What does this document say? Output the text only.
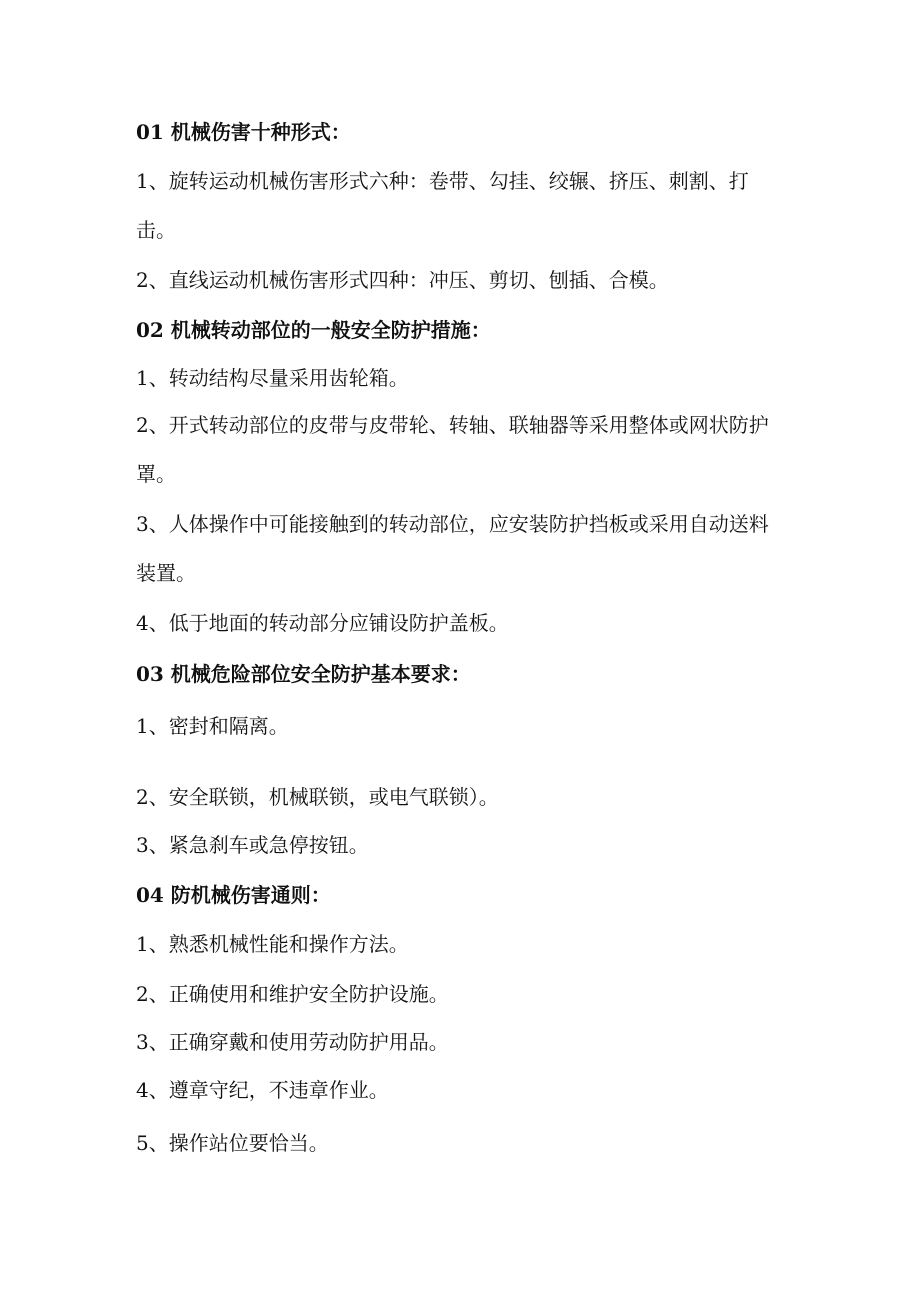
01 机械伤害十种形式：
1、旋转运动机械伤害形式六种：卷带、勾挂、绞辗、挤压、刺割、打击。
2、直线运动机械伤害形式四种：冲压、剪切、刨插、合模。
02 机械转动部位的一般安全防护措施：
1、转动结构尽量采用齿轮箱。
2、开式转动部位的皮带与皮带轮、转轴、联轴器等采用整体或网状防护罩。
3、人体操作中可能接触到的转动部位，应安装防护挡板或采用自动送料装置。
4、低于地面的转动部分应铺设防护盖板。
03 机械危险部位安全防护基本要求：
1、密封和隔离。
2、安全联锁，机械联锁，或电气联锁）。
3、紧急刹车或急停按钮。
04 防机械伤害通则：
1、熟悉机械性能和操作方法。
2、正确使用和维护安全防护设施。
3、正确穿戴和使用劳动防护用品。
4、遵章守纪，不违章作业。
5、操作站位要恰当。
